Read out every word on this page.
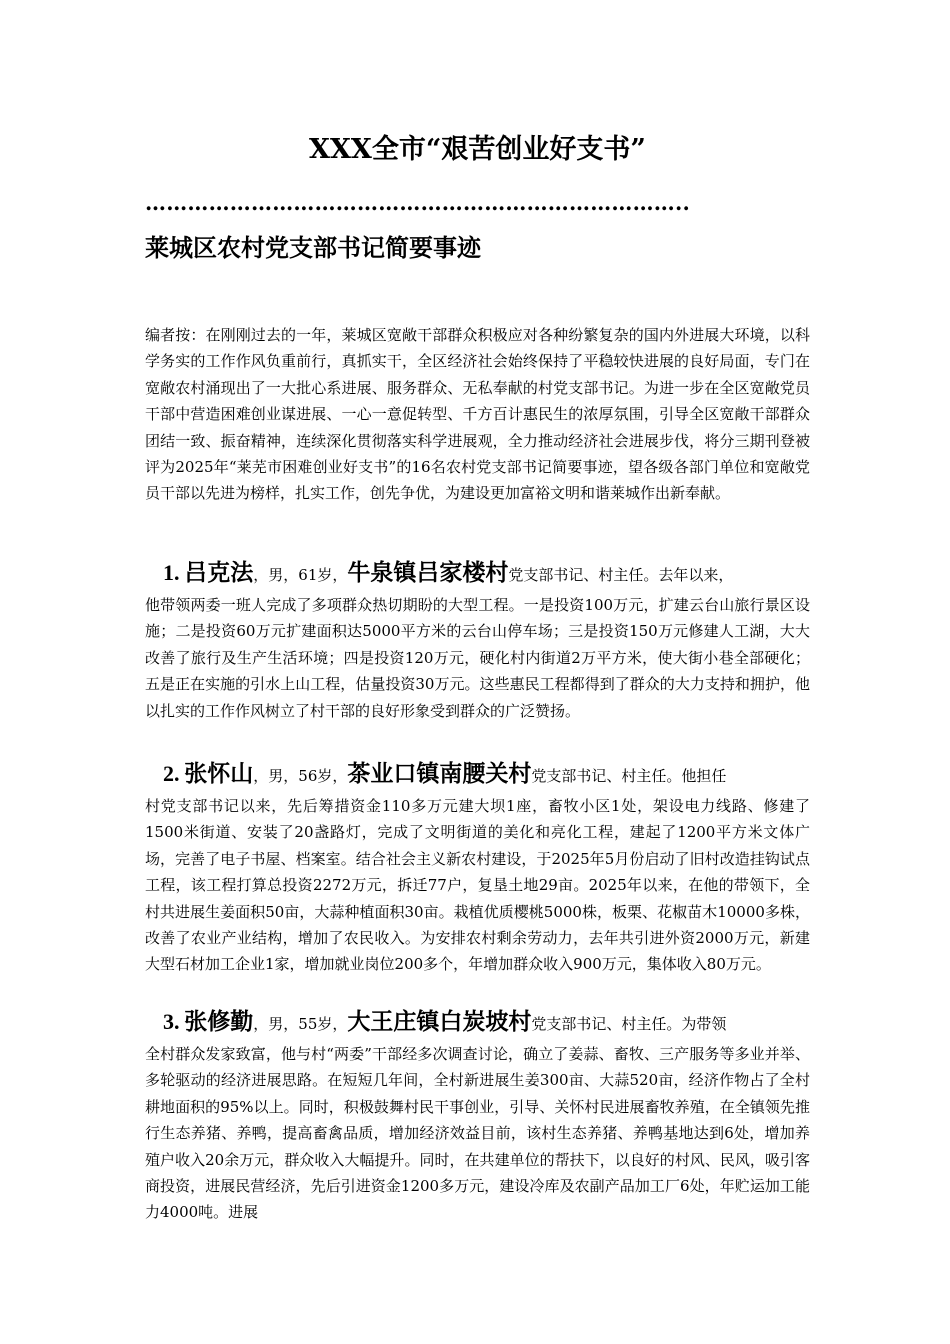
XXX全市“艰苦创业好支书”
…………………………………………………………………..
莱城区农村党支部书记简要事迹
编者按：在刚刚过去的一年，莱城区宽敞干部群众积极应对各种纷繁复杂的国内外进展大环境，以科学务实的工作作风负重前行，真抓实干，全区经济社会始终保持了平稳较快进展的良好局面，专门在宽敞农村涌现出了一大批心系进展、服务群众、无私奉献的村党支部书记。为进一步在全区宽敞党员干部中营造困难创业谋进展、一心一意促转型、千方百计惠民生的浓厚氛围，引导全区宽敞干部群众团结一致、振奋精神，连续深化贯彻落实科学进展观，全力推动经济社会进展步伐，将分三期刊登被评为2025年“莱芜市困难创业好支书”的16名农村党支部书记简要事迹，望各级各部门单位和宽敞党员干部以先进为榜样，扎实工作，创先争优，为建设更加富裕文明和谐莱城作出新奉献。
1. 吕克法，男，61岁，牛泉镇吕家楼村党支部书记、村主任。去年以来，
他带领两委一班人完成了多项群众热切期盼的大型工程。一是投资100万元，扩建云台山旅行景区设施；二是投资60万元扩建面积达5000平方米的云台山停车场；三是投资150万元修建人工湖，大大改善了旅行及生产生活环境；四是投资120万元，硬化村内街道2万平方米，使大街小巷全部硬化；五是正在实施的引水上山工程，估量投资30万元。这些惠民工程都得到了群众的大力支持和拥护，他以扎实的工作作风树立了村干部的良好形象受到群众的广泛赞扬。
2. 张怀山，男，56岁，茶业口镇南腰关村党支部书记、村主任。他担任
村党支部书记以来，先后筹措资金110多万元建大坝1座，畜牧小区1处，架设电力线路、修建了1500米街道、安装了20盏路灯，完成了文明街道的美化和亮化工程，建起了1200平方米文体广场，完善了电子书屋、档案室。结合社会主义新农村建设，于2025年5月份启动了旧村改造挂钩试点工程，该工程打算总投资2272万元，拆迁77户，复垦土地29亩。2025年以来，在他的带领下，全村共进展生姜面积50亩，大蒜种植面积30亩。栽植优质樱桃5000株，板栗、花椒苗木10000多株，改善了农业产业结构，增加了农民收入。为安排农村剩余劳动力，去年共引进外资2000万元，新建大型石材加工企业1家，增加就业岗位200多个，年增加群众收入900万元，集体收入80万元。
3. 张修勤，男，55岁，大王庄镇白炭坡村党支部书记、村主任。为带领
全村群众发家致富，他与村“两委”干部经多次调查讨论，确立了姜蒜、畜牧、三产服务等多业并举、多轮驱动的经济进展思路。在短短几年间，全村新进展生姜300亩、大蒜520亩，经济作物占了全村耕地面积的95%以上。同时，积极鼓舞村民干事创业，引导、关怀村民进展畜牧养殖，在全镇领先推行生态养猪、养鸭，提高畜禽品质，增加经济效益目前，该村生态养猪、养鸭基地达到6处，增加养殖户收入20余万元，群众收入大幅提升。同时，在共建单位的帮扶下，以良好的村风、民风，吸引客商投资，进展民营经济，先后引进资金1200多万元，建设冷库及农副产品加工厂6处，年贮运加工能力4000吨。进展
